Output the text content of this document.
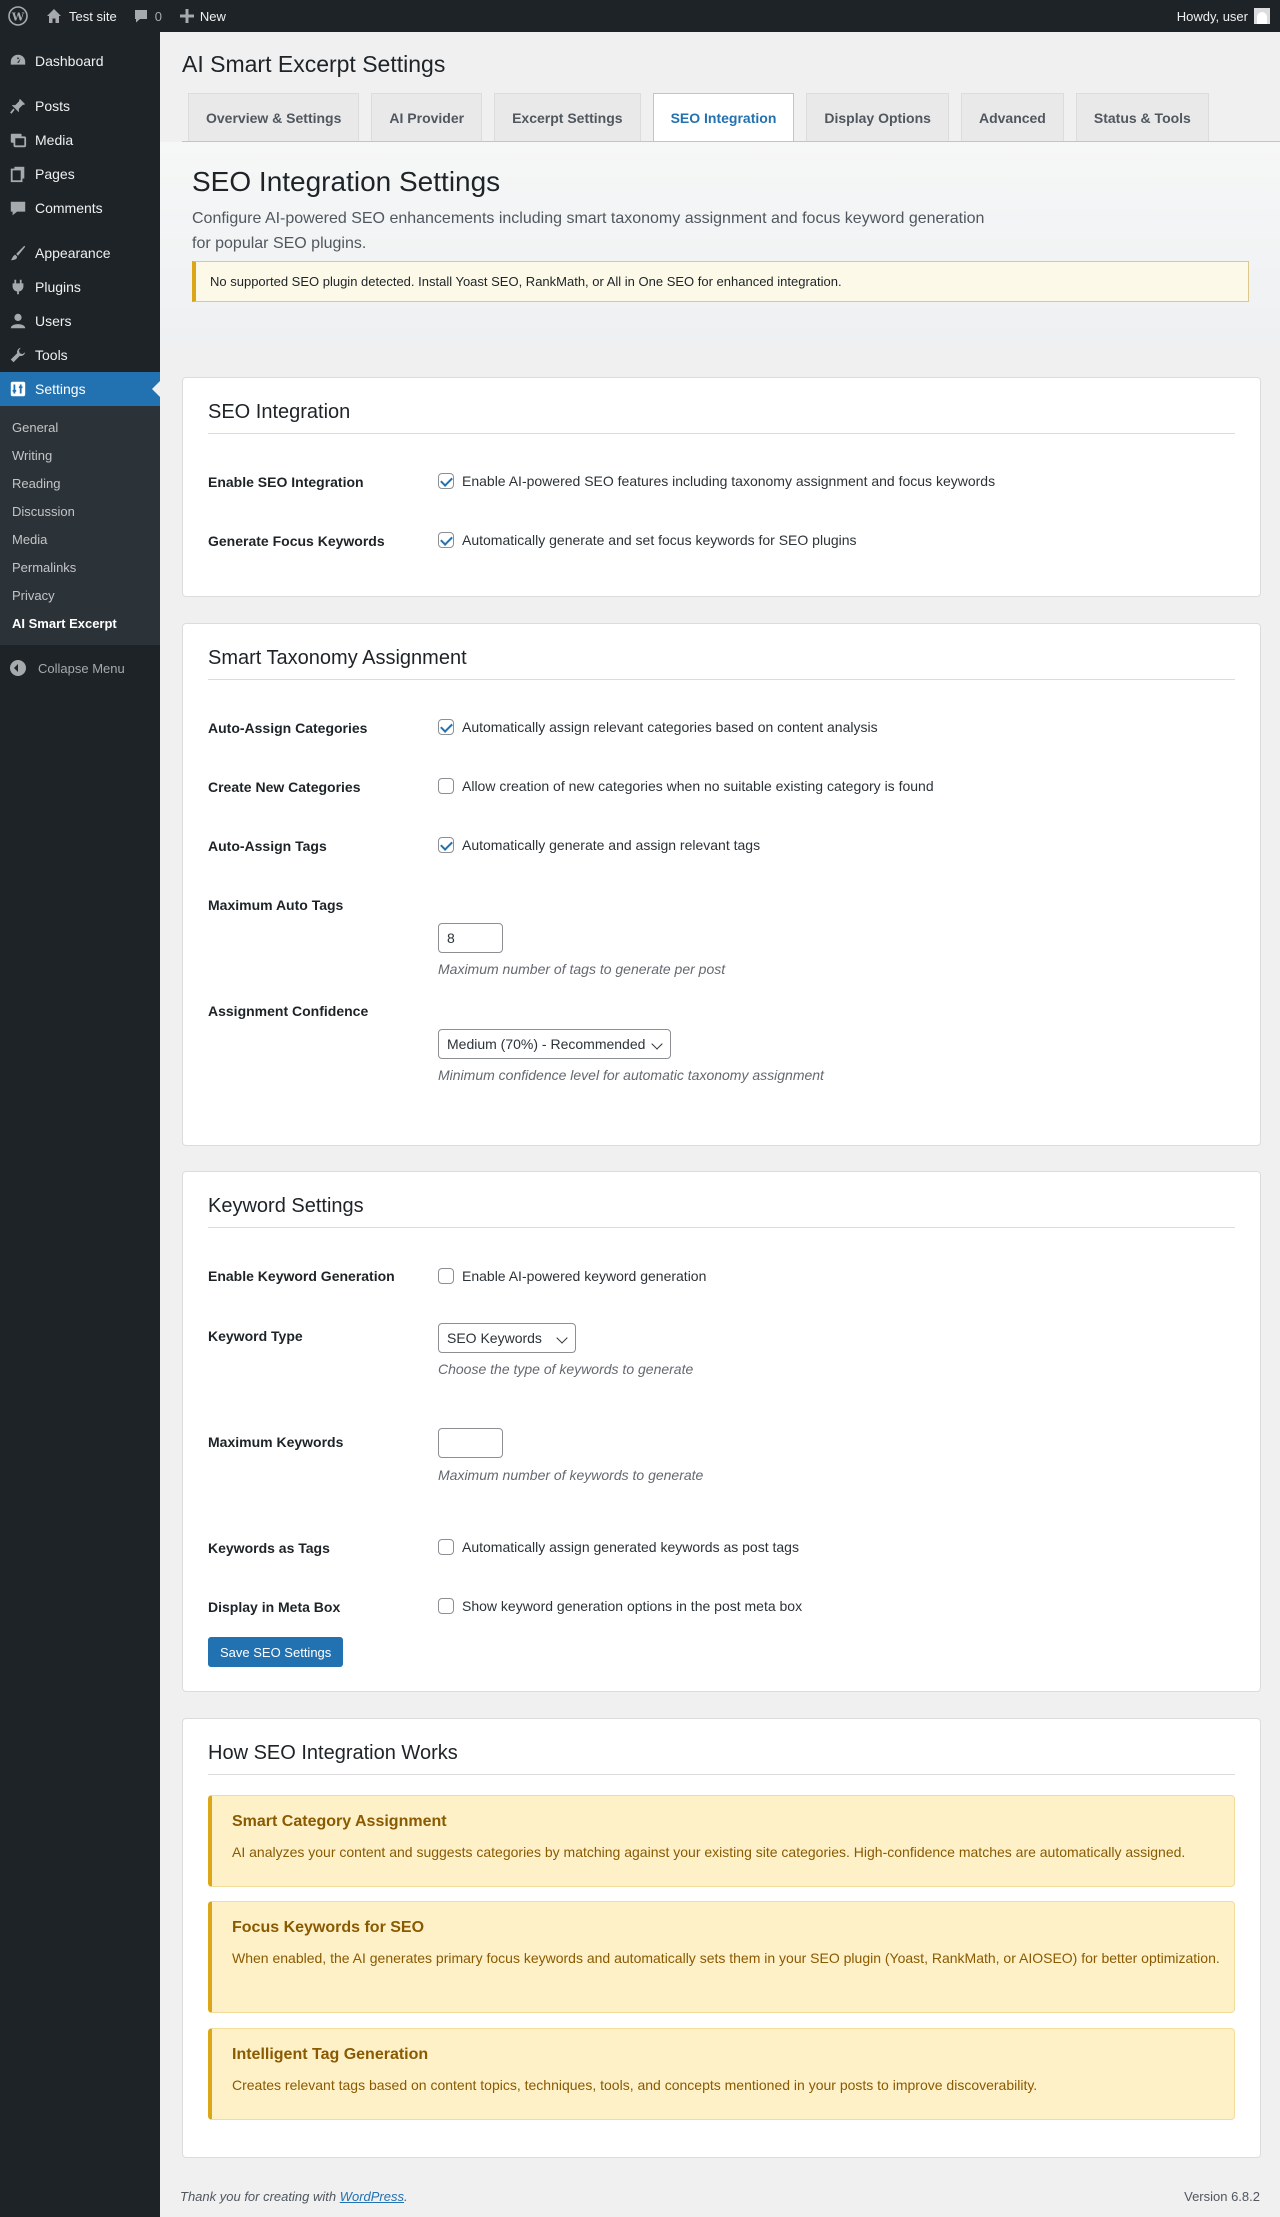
W	Test site	0	New	Howdy, user
Dashboard
Posts
Media
Pages
Comments
Appearance
Plugins
Users
Tools
Settings
General
Writing
Reading
Discussion
Media
Permalinks
Privacy
AI Smart Excerpt
Collapse Menu
AI Smart Excerpt Settings
Overview & Settings	AI Provider	Excerpt Settings	SEO Integration	Display Options	Advanced	Status & Tools
SEO Integration Settings

Configure AI-powered SEO enhancements including smart taxonomy assignment and focus keyword generation for popular SEO plugins.

No supported SEO plugin detected. Install Yoast SEO, RankMath, or All in One SEO for enhanced integration.
SEO Integration
Enable SEO Integration	Enable AI-powered SEO features including taxonomy assignment and focus keywords
Generate Focus Keywords	Automatically generate and set focus keywords for SEO plugins
Smart Taxonomy Assignment
Auto-Assign Categories	Automatically assign relevant categories based on content analysis
Create New Categories	Allow creation of new categories when no suitable existing category is found
Auto-Assign Tags	Automatically generate and assign relevant tags
Maximum Auto Tags
8
Maximum number of tags to generate per post
Assignment Confidence
Medium (70%) - Recommended
Minimum confidence level for automatic taxonomy assignment
Keyword Settings
Enable Keyword Generation	Enable AI-powered keyword generation
Keyword Type	SEO Keywords
Choose the type of keywords to generate
Maximum Keywords
Maximum number of keywords to generate
Keywords as Tags	Automatically assign generated keywords as post tags
Display in Meta Box	Show keyword generation options in the post meta box
Save SEO Settings
How SEO Integration Works
Smart Category Assignment

AI analyzes your content and suggests categories by matching against your existing site categories. High-confidence matches are automatically assigned.

Focus Keywords for SEO

When enabled, the AI generates primary focus keywords and automatically sets them in your SEO plugin (Yoast, RankMath, or AIOSEO) for better optimization.

Intelligent Tag Generation

Creates relevant tags based on content topics, techniques, tools, and concepts mentioned in your posts to improve discoverability.

Thank you for creating with WordPress.	Version 6.8.2
